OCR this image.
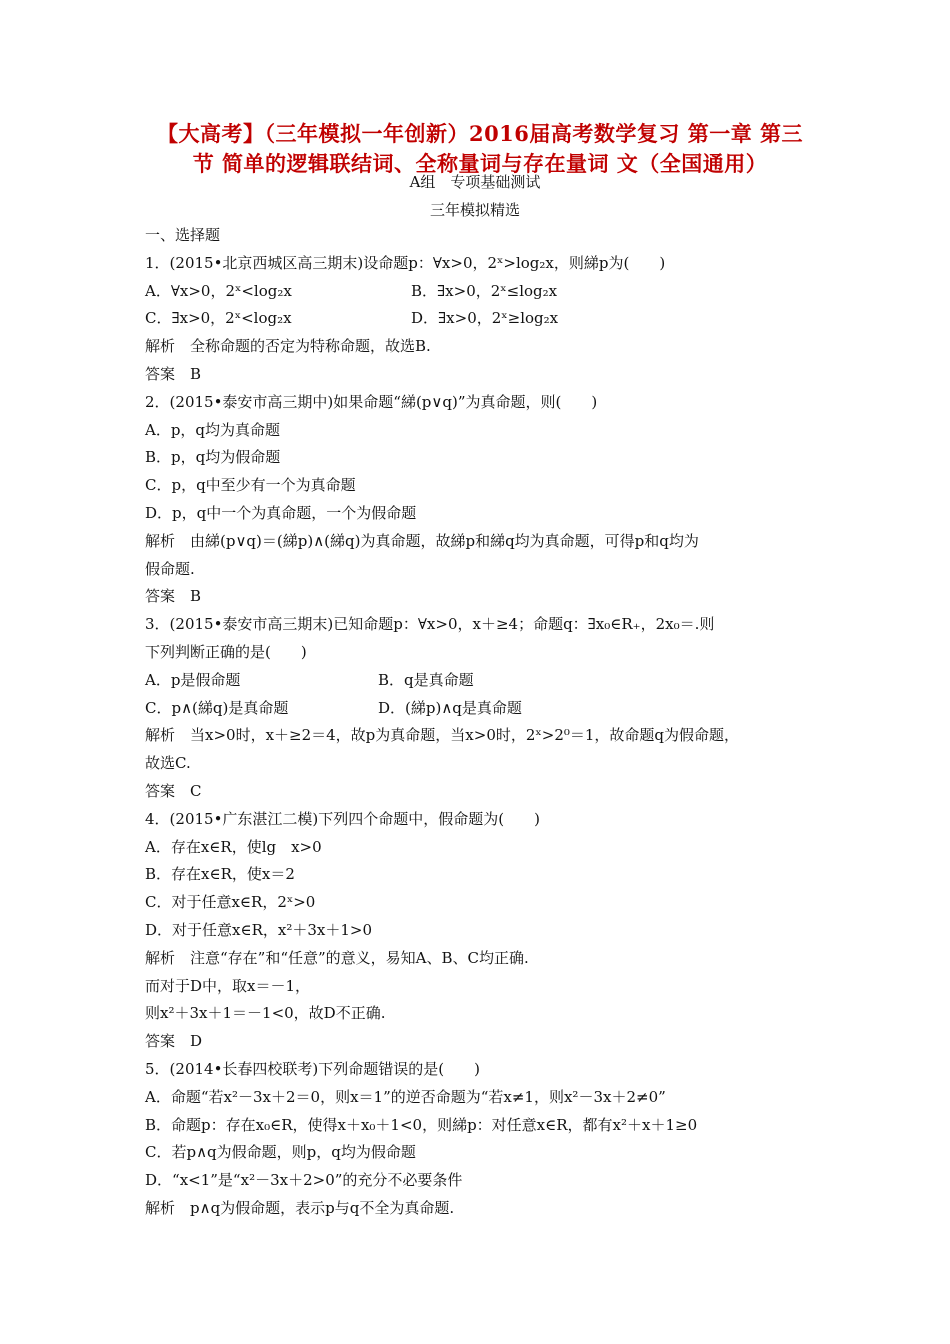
【大高考】（三年模拟一年创新）2016届高考数学复习 第一章 第三节 简单的逻辑联结词、全称量词与存在量词 文（全国通用）
A组　专项基础测试
三年模拟精选
一、选择题
1．(2015•北京西城区高三期末)设命题p：∀x>0，2ˣ>log₂x，则綈p为(　　)
A．∀x>0，2ˣ<log₂x	B．∃x>0，2ˣ≤log₂x
C．∃x>0，2ˣ<log₂x	D．∃x>0，2ˣ≥log₂x
解析　全称命题的否定为特称命题，故选B.
答案　B
2．(2015•泰安市高三期中)如果命题“綈(p∨q)”为真命题，则(　　)
A．p，q均为真命题
B．p，q均为假命题
C．p，q中至少有一个为真命题
D．p，q中一个为真命题，一个为假命题
解析　由綈(p∨q)＝(綈p)∧(綈q)为真命题，故綈p和綈q均为真命题，可得p和q均为
假命题.
答案　B
3．(2015•泰安市高三期末)已知命题p：∀x>0，x＋≥4；命题q：∃x₀∈R₊，2x₀＝.则
下列判断正确的是(　　)
A．p是假命题	B．q是真命题
C．p∧(綈q)是真命题	D．(綈p)∧q是真命题
解析　当x>0时，x＋≥2＝4，故p为真命题，当x>0时，2ˣ>2⁰＝1，故命题q为假命题，
故选C.
答案　C
4．(2015•广东湛江二模)下列四个命题中，假命题为(　　)
A．存在x∈R，使lg　x>0
B．存在x∈R，使x＝2
C．对于任意x∈R，2ˣ>0
D．对于任意x∈R，x²＋3x＋1>0
解析　注意“存在”和“任意”的意义，易知A、B、C均正确.
而对于D中，取x＝－1，
则x²＋3x＋1＝－1<0，故D不正确.
答案　D
5．(2014•长春四校联考)下列命题错误的是(　　)
A．命题“若x²－3x＋2＝0，则x＝1”的逆否命题为“若x≠1，则x²－3x＋2≠0”
B．命题p：存在x₀∈R，使得x＋x₀＋1<0，则綈p：对任意x∈R，都有x²＋x＋1≥0
C．若p∧q为假命题，则p，q均为假命题
D．“x<1”是“x²－3x＋2>0”的充分不必要条件
解析　p∧q为假命题，表示p与q不全为真命题.
